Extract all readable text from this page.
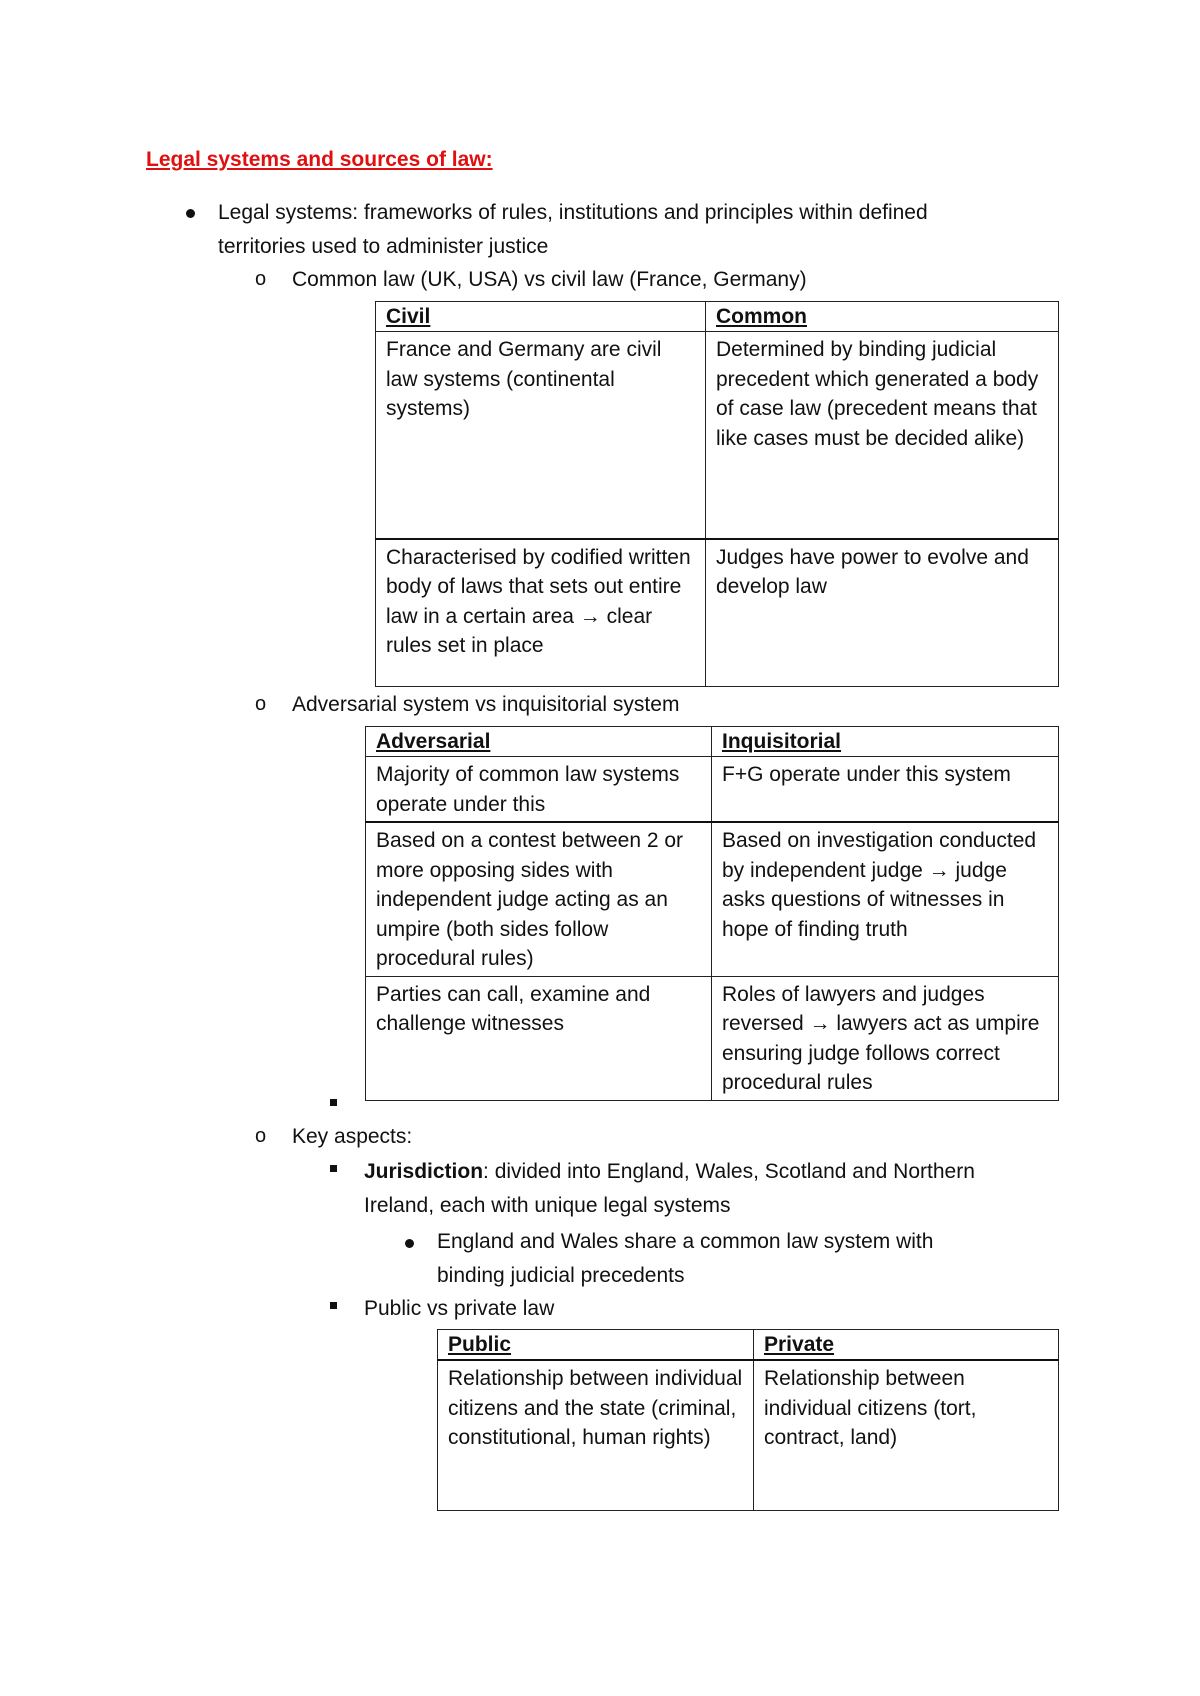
Legal systems and sources of law:
Legal systems: frameworks of rules, institutions and principles within defined
territories used to administer justice
o Common law (UK, USA) vs civil law (France, Germany)
Civil	Common
France and Germany are civil law systems (continental systems)	Determined by binding judicial precedent which generated a body of case law (precedent means that like cases must be decided alike)
Characterised by codified written body of laws that sets out entire law in a certain area → clear rules set in place	Judges have power to evolve and develop law
o Adversarial system vs inquisitorial system
Adversarial	Inquisitorial
Majority of common law systems operate under this	F+G operate under this system
Based on a contest between 2 or more opposing sides with independent judge acting as an umpire (both sides follow procedural rules)	Based on investigation conducted by independent judge → judge asks questions of witnesses in hope of finding truth
Parties can call, examine and challenge witnesses	Roles of lawyers and judges reversed → lawyers act as umpire ensuring judge follows correct procedural rules
o Key aspects:
Jurisdiction: divided into England, Wales, Scotland and Northern
Ireland, each with unique legal systems
England and Wales share a common law system with
binding judicial precedents
Public vs private law
Public	Private
Relationship between individual citizens and the state (criminal, constitutional, human rights)	Relationship between individual citizens (tort, contract, land)
